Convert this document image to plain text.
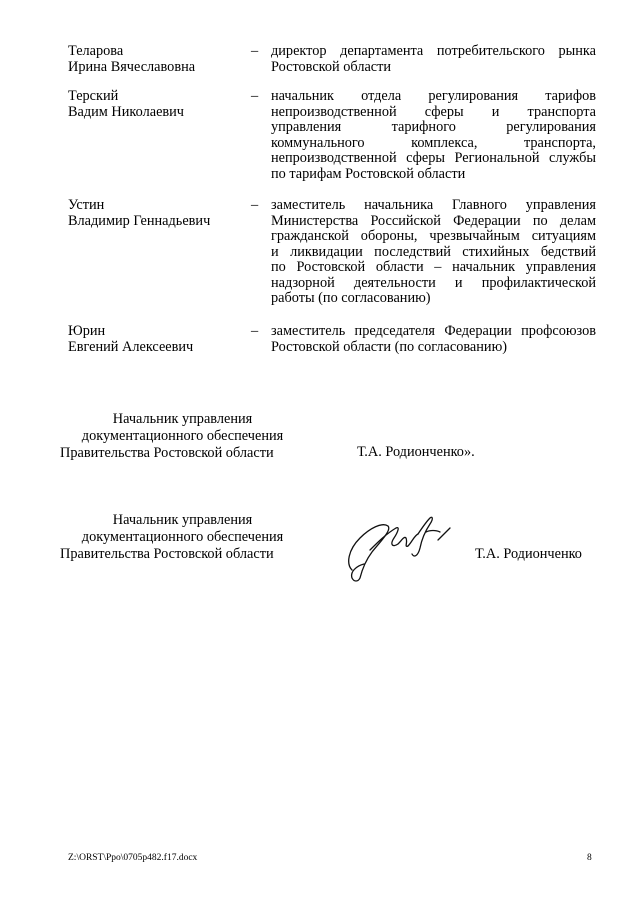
Теларова
Ирина Вячеславовна
– директор департамента потребительского рынка
Ростовской области
Терский
Вадим Николаевич
– начальник отдела регулирования тарифов
непроизводственной сферы и транспорта
управления тарифного регулирования
коммунального комплекса, транспорта,
непроизводственной сферы Региональной службы
по тарифам Ростовской области
Устин
Владимир Геннадьевич
– заместитель начальника Главного управления
Министерства Российской Федерации по делам
гражданской обороны, чрезвычайным ситуациям
и ликвидации последствий стихийных бедствий
по Ростовской области – начальник управления
надзорной деятельности и профилактической
работы (по согласованию)
Юрин
Евгений Алексеевич
– заместитель председателя Федерации профсоюзов
Ростовской области (по согласованию)
Начальник управления
документационного обеспечения
Правительства Ростовской области	Т.А. Родионченко».
Начальник управления
документационного обеспечения
Правительства Ростовской области	Т.А. Родионченко
Z:\ORST\Ppo\0705p482.f17.docx	8
